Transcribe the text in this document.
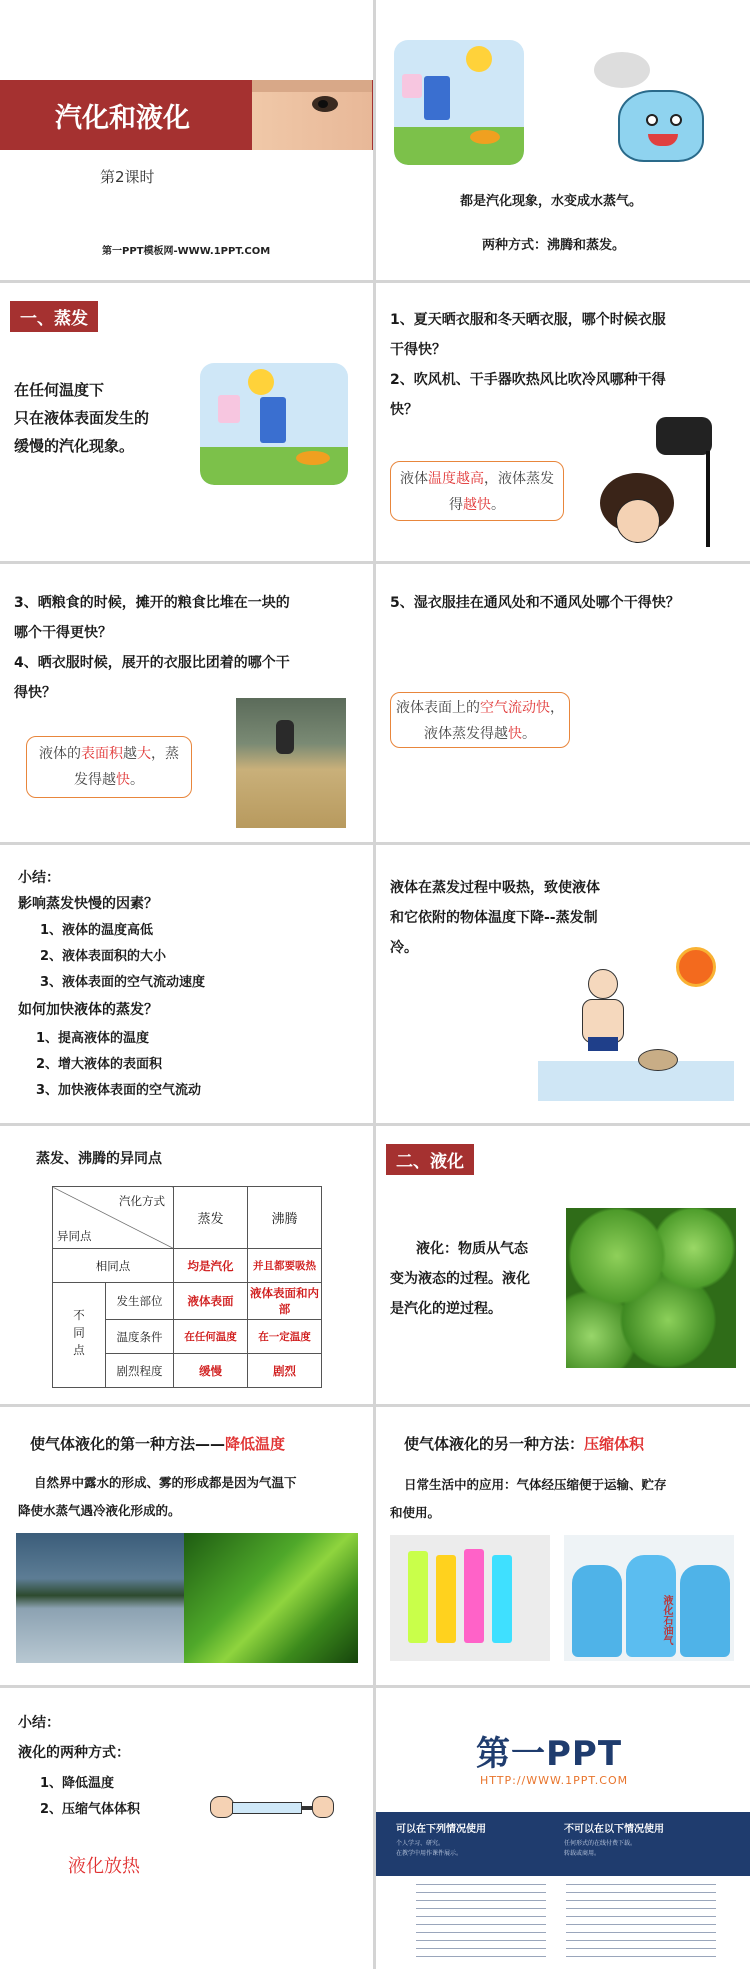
汽化和液化
第2课时
第一PPT模板网-WWW.1PPT.COM
都是汽化现象，水变成水蒸气。
两种方式：沸腾和蒸发。
一、蒸发
在任何温度下
只在液体表面发生的
缓慢的汽化现象。
1、夏天晒衣服和冬天晒衣服，哪个时候衣服
干得快？
2、吹风机、干手器吹热风比吹冷风哪种干得
快？
液体温度越高，液体蒸发
得越快。
3、晒粮食的时候，摊开的粮食比堆在一块的
哪个干得更快？
4、晒衣服时候，展开的衣服比团着的哪个干
得快？
液体的表面积越大，蒸
发得越快。
5、湿衣服挂在通风处和不通风处哪个干得快？
液体表面上的空气流动快，
液体蒸发得越快。
小结：
影响蒸发快慢的因素？
1、液体的温度高低
2、液体表面积的大小
3、液体表面的空气流动速度
如何加快液体的蒸发？
1、提高液体的温度
2、增大液体的表面积
3、加快液体表面的空气流动
液体在蒸发过程中吸热，致使液体
和它依附的物体温度下降--蒸发制
冷。
蒸发、沸腾的异同点
汽化方式
异同点		蒸发	沸腾
相同点		均是汽化	并且都要吸热
不同点	发生部位	液体表面	液体表面和内部
	温度条件	在任何温度	在一定温度
	剧烈程度	缓慢	剧烈
二、液化
液化：物质从气态
变为液态的过程。液化
是汽化的逆过程。
使气体液化的第一种方法——降低温度
自然界中露水的形成、雾的形成都是因为气温下
降使水蒸气遇冷液化形成的。
使气体液化的另一种方法：压缩体积
日常生活中的应用：气体经压缩便于运输、贮存
和使用。
液化石油气
小结：
液化的两种方式：
1、降低温度
2、压缩气体体积
液化放热
第一PPT
HTTP://WWW.1PPT.COM
可以在下列情况使用
个人学习、研究。
在教学中用作课件展示。
不可以在以下情况使用
任何形式的在线付费下载。
转载或商用。
